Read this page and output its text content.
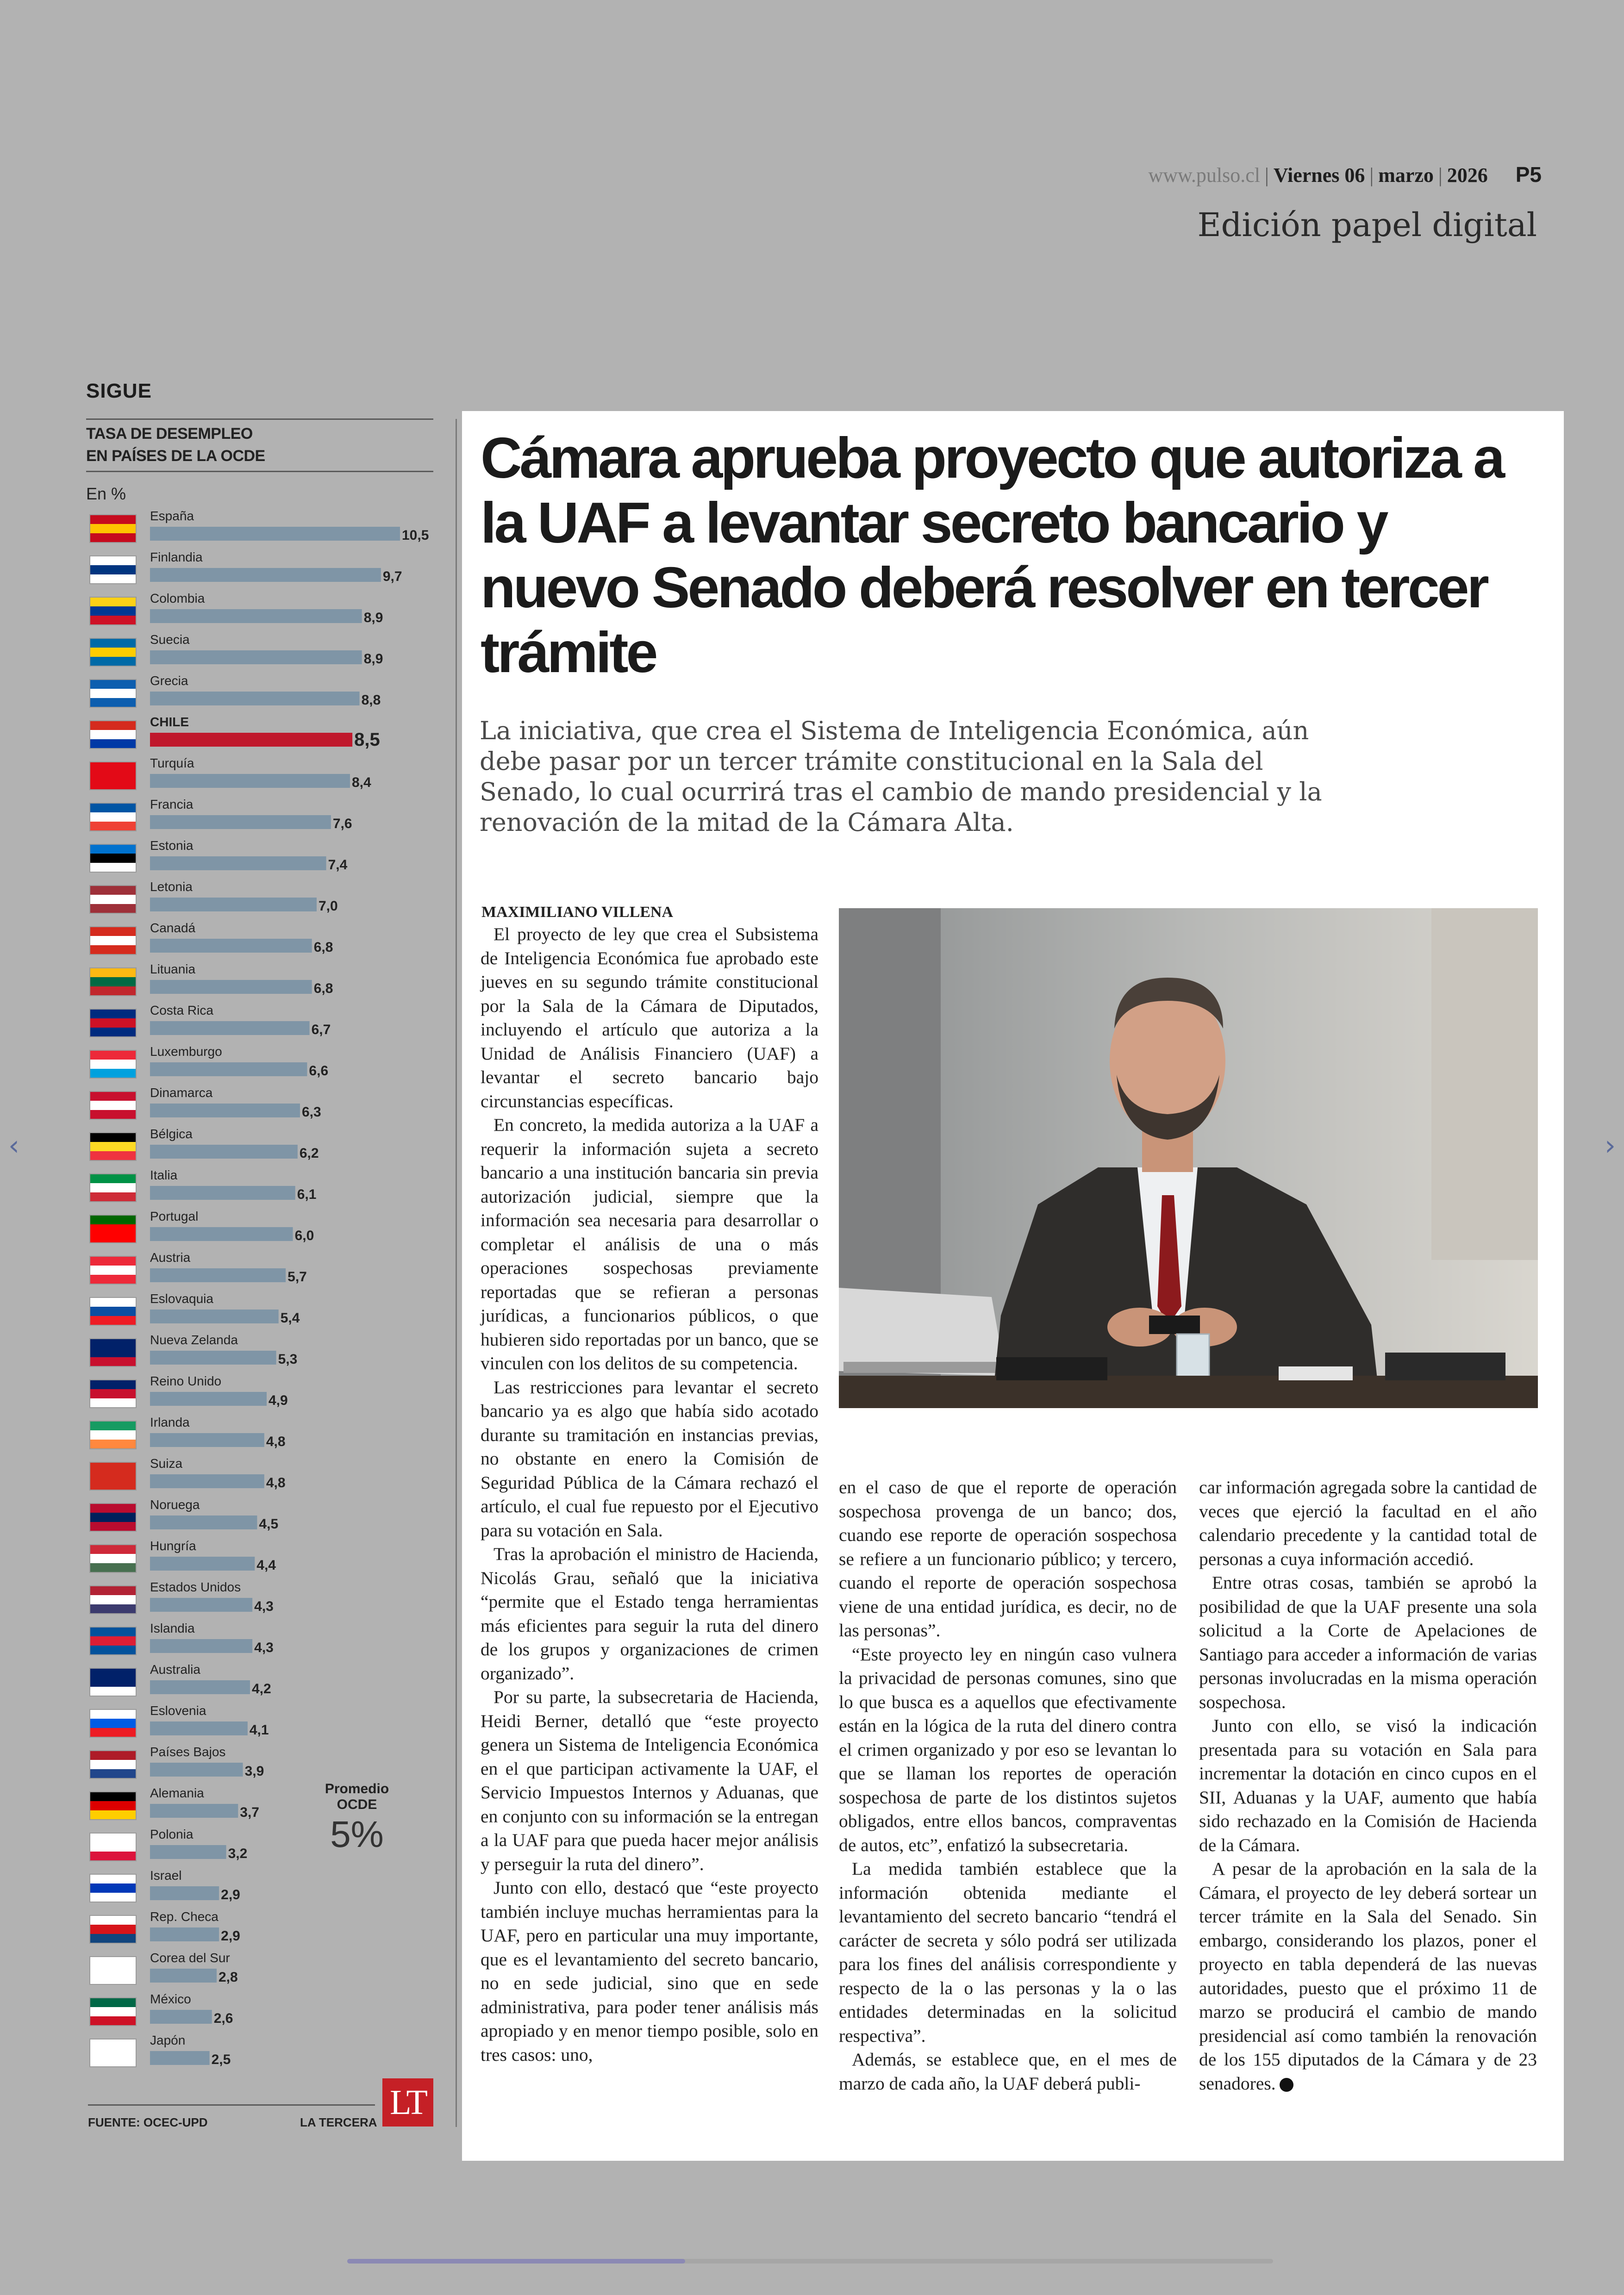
www.pulso.cl | Viernes 06 | marzo | 2026 P5
Edición papel digital
‹	›
SIGUE
TASA DE DESEMPLEO
EN PAÍSES DE LA OCDE
En %
España
10,5
Finlandia
9,7
Colombia
8,9
Suecia
8,9
Grecia
8,8
CHILE
8,5
Turquía
8,4
Francia
7,6
Estonia
7,4
Letonia
7,0
Canadá
6,8
Lituania
6,8
Costa Rica
6,7
Luxemburgo
6,6
Dinamarca
6,3
Bélgica
6,2
Italia
6,1
Portugal
6,0
Austria
5,7
Eslovaquia
5,4
Nueva Zelanda
5,3
Reino Unido
4,9
Irlanda
4,8
Suiza
4,8
Noruega
4,5
Hungría
4,4
Estados Unidos
4,3
Islandia
4,3
Australia
4,2
Eslovenia
4,1
Países Bajos
3,9
Alemania
3,7
Polonia
3,2
Israel
2,9
Rep. Checa
2,9
Corea del Sur
2,8
México
2,6
Japón
2,5
Promedio
OCDE
5%
FUENTE: OCEC-UPD	LA TERCERA
LT
Cámara aprueba proyecto que autoriza a la UAF a levantar secreto bancario y nuevo Senado deberá resolver en tercer trámite
La iniciativa, que crea el Sistema de Inteligencia Económica, aún debe pasar por un tercer trámite constitucional en la Sala del Senado, lo cual ocurrirá tras el cambio de mando presidencial y la renovación de la mitad de la Cámara Alta.
MAXIMILIANO VILLENA

El proyecto de ley que crea el Subsistema de Inteligencia Económica fue aprobado este jueves en su segundo trámite constitucional por la Sala de la Cámara de Diputados, incluyendo el artículo que autoriza a la Unidad de Análisis Financiero (UAF) a levantar el secreto bancario bajo circunstancias específicas.

En concreto, la medida autoriza a la UAF a requerir la información sujeta a secreto bancario a una institución bancaria sin previa autorización judicial, siempre que la información sea necesaria para desarrollar o completar el análisis de una o más operaciones sospechosas previamente reportadas que se refieran a personas jurídicas, a funcionarios públicos, o que hubieren sido reportadas por un banco, que se vinculen con los delitos de su competencia.

Las restricciones para levantar el secreto bancario ya es algo que había sido acotado durante su tramitación en instancias previas, no obstante en enero la Comisión de Seguridad Pública de la Cámara rechazó el artículo, el cual fue repuesto por el Ejecutivo para su votación en Sala.

Tras la aprobación el ministro de Hacienda, Nicolás Grau, señaló que la iniciativa “permite que el Estado tenga herramientas más eficientes para seguir la ruta del dinero de los grupos y organizaciones de crimen organizado”.

Por su parte, la subsecretaria de Hacienda, Heidi Berner, detalló que “este proyecto genera un Sistema de Inteligencia Económica en el que participan activamente la UAF, el Servicio Impuestos Internos y Aduanas, que en conjunto con su información se la entregan a la UAF para que pueda hacer mejor análisis y perseguir la ruta del dinero”.

Junto con ello, destacó que “este proyecto también incluye muchas herramientas para la UAF, pero en particular una muy importante, que es el levantamiento del secreto bancario, no en sede judicial, sino que en sede administrativa, para poder tener análisis más apropiado y en menor tiempo posible, solo en tres casos: uno,

en el caso de que el reporte de operación sospechosa provenga de un banco; dos, cuando ese reporte de operación sospechosa se refiere a un funcionario público; y tercero, cuando el reporte de operación sospechosa viene de una entidad jurídica, es decir, no de las personas”.

“Este proyecto ley en ningún caso vulnera la privacidad de personas comunes, sino que lo que busca es a aquellos que efectivamente están en la lógica de la ruta del dinero contra el crimen organizado y por eso se levantan lo que se llaman los reportes de operación sospechosa de parte de los distintos sujetos obligados, entre ellos bancos, compraventas de autos, etc”, enfatizó la subsecretaria.

La medida también establece que la información obtenida mediante el levantamiento del secreto bancario “tendrá el carácter de secreta y sólo podrá ser utilizada para los fines del análisis correspondiente y respecto de la o las personas y la o las entidades determinadas en la solicitud respectiva”.

Además, se establece que, en el mes de marzo de cada año, la UAF deberá publi-

car información agregada sobre la cantidad de veces que ejerció la facultad en el año calendario precedente y la cantidad total de personas a cuya información accedió.

Entre otras cosas, también se aprobó la posibilidad de que la UAF presente una sola solicitud a la Corte de Apelaciones de Santiago para acceder a información de varias personas involucradas en la misma operación sospechosa.

Junto con ello, se visó la indicación presentada para su votación en Sala para incrementar la dotación en cinco cupos en el SII, Aduanas y la UAF, aumento que había sido rechazado en la Comisión de Hacienda de la Cámara.

A pesar de la aprobación en la sala de la Cámara, el proyecto de ley deberá sortear un tercer trámite en la Sala del Senado. Sin embargo, considerando los plazos, poner el proyecto en tabla dependerá de las nuevas autoridades, puesto que el próximo 11 de marzo se producirá el cambio de mando presidencial así como también la renovación de los 155 diputados de la Cámara y de 23 senadores.
